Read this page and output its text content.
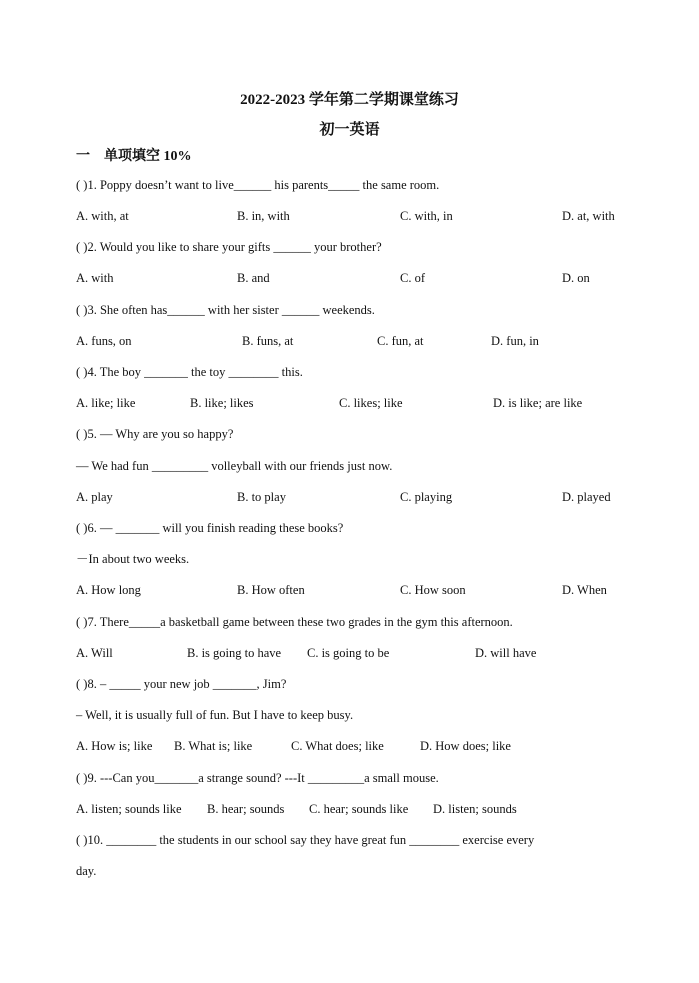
2022-2023 学年第二学期课堂练习
初一英语
一 单项填空 10%
( )1. Poppy doesn’t want to live______ his parents_____ the same room.
A. with, at	B. in, with	C. with, in	D. at, with
( )2. Would you like to share your gifts ______ your brother?
A. with	B. and	C. of	D. on
( )3. She often has______ with her sister ______ weekends.
A. funs, on	B. funs, at	C. fun, at	D. fun, in
( )4. The boy _______ the toy ________ this.
A. like; like	B. like; likes	C. likes; like	D. is like; are like
( )5. — Why are you so happy?
— We had fun _________ volleyball with our friends just now.
A. play	B. to play	C. playing	D. played
( )6. — _______ will you finish reading these books?
－In about two weeks.
A. How long	B. How often	C. How soon	D. When
( )7. There_____a basketball game between these two grades in the gym this afternoon.
A. Will	B. is going to have C. is going to be	D. will have
( )8. – _____ your new job _______, Jim?
– Well, it is usually full of fun. But I have to keep busy.
A. How is; like B. What is; like	C. What does; like	D. How does; like
( )9. ---Can you_______a strange sound? ---It _________a small mouse.
A. listen; sounds like B. hear; sounds C. hear; sounds like D. listen; sounds
( )10. ________ the students in our school say they have great fun ________ exercise every
day.
